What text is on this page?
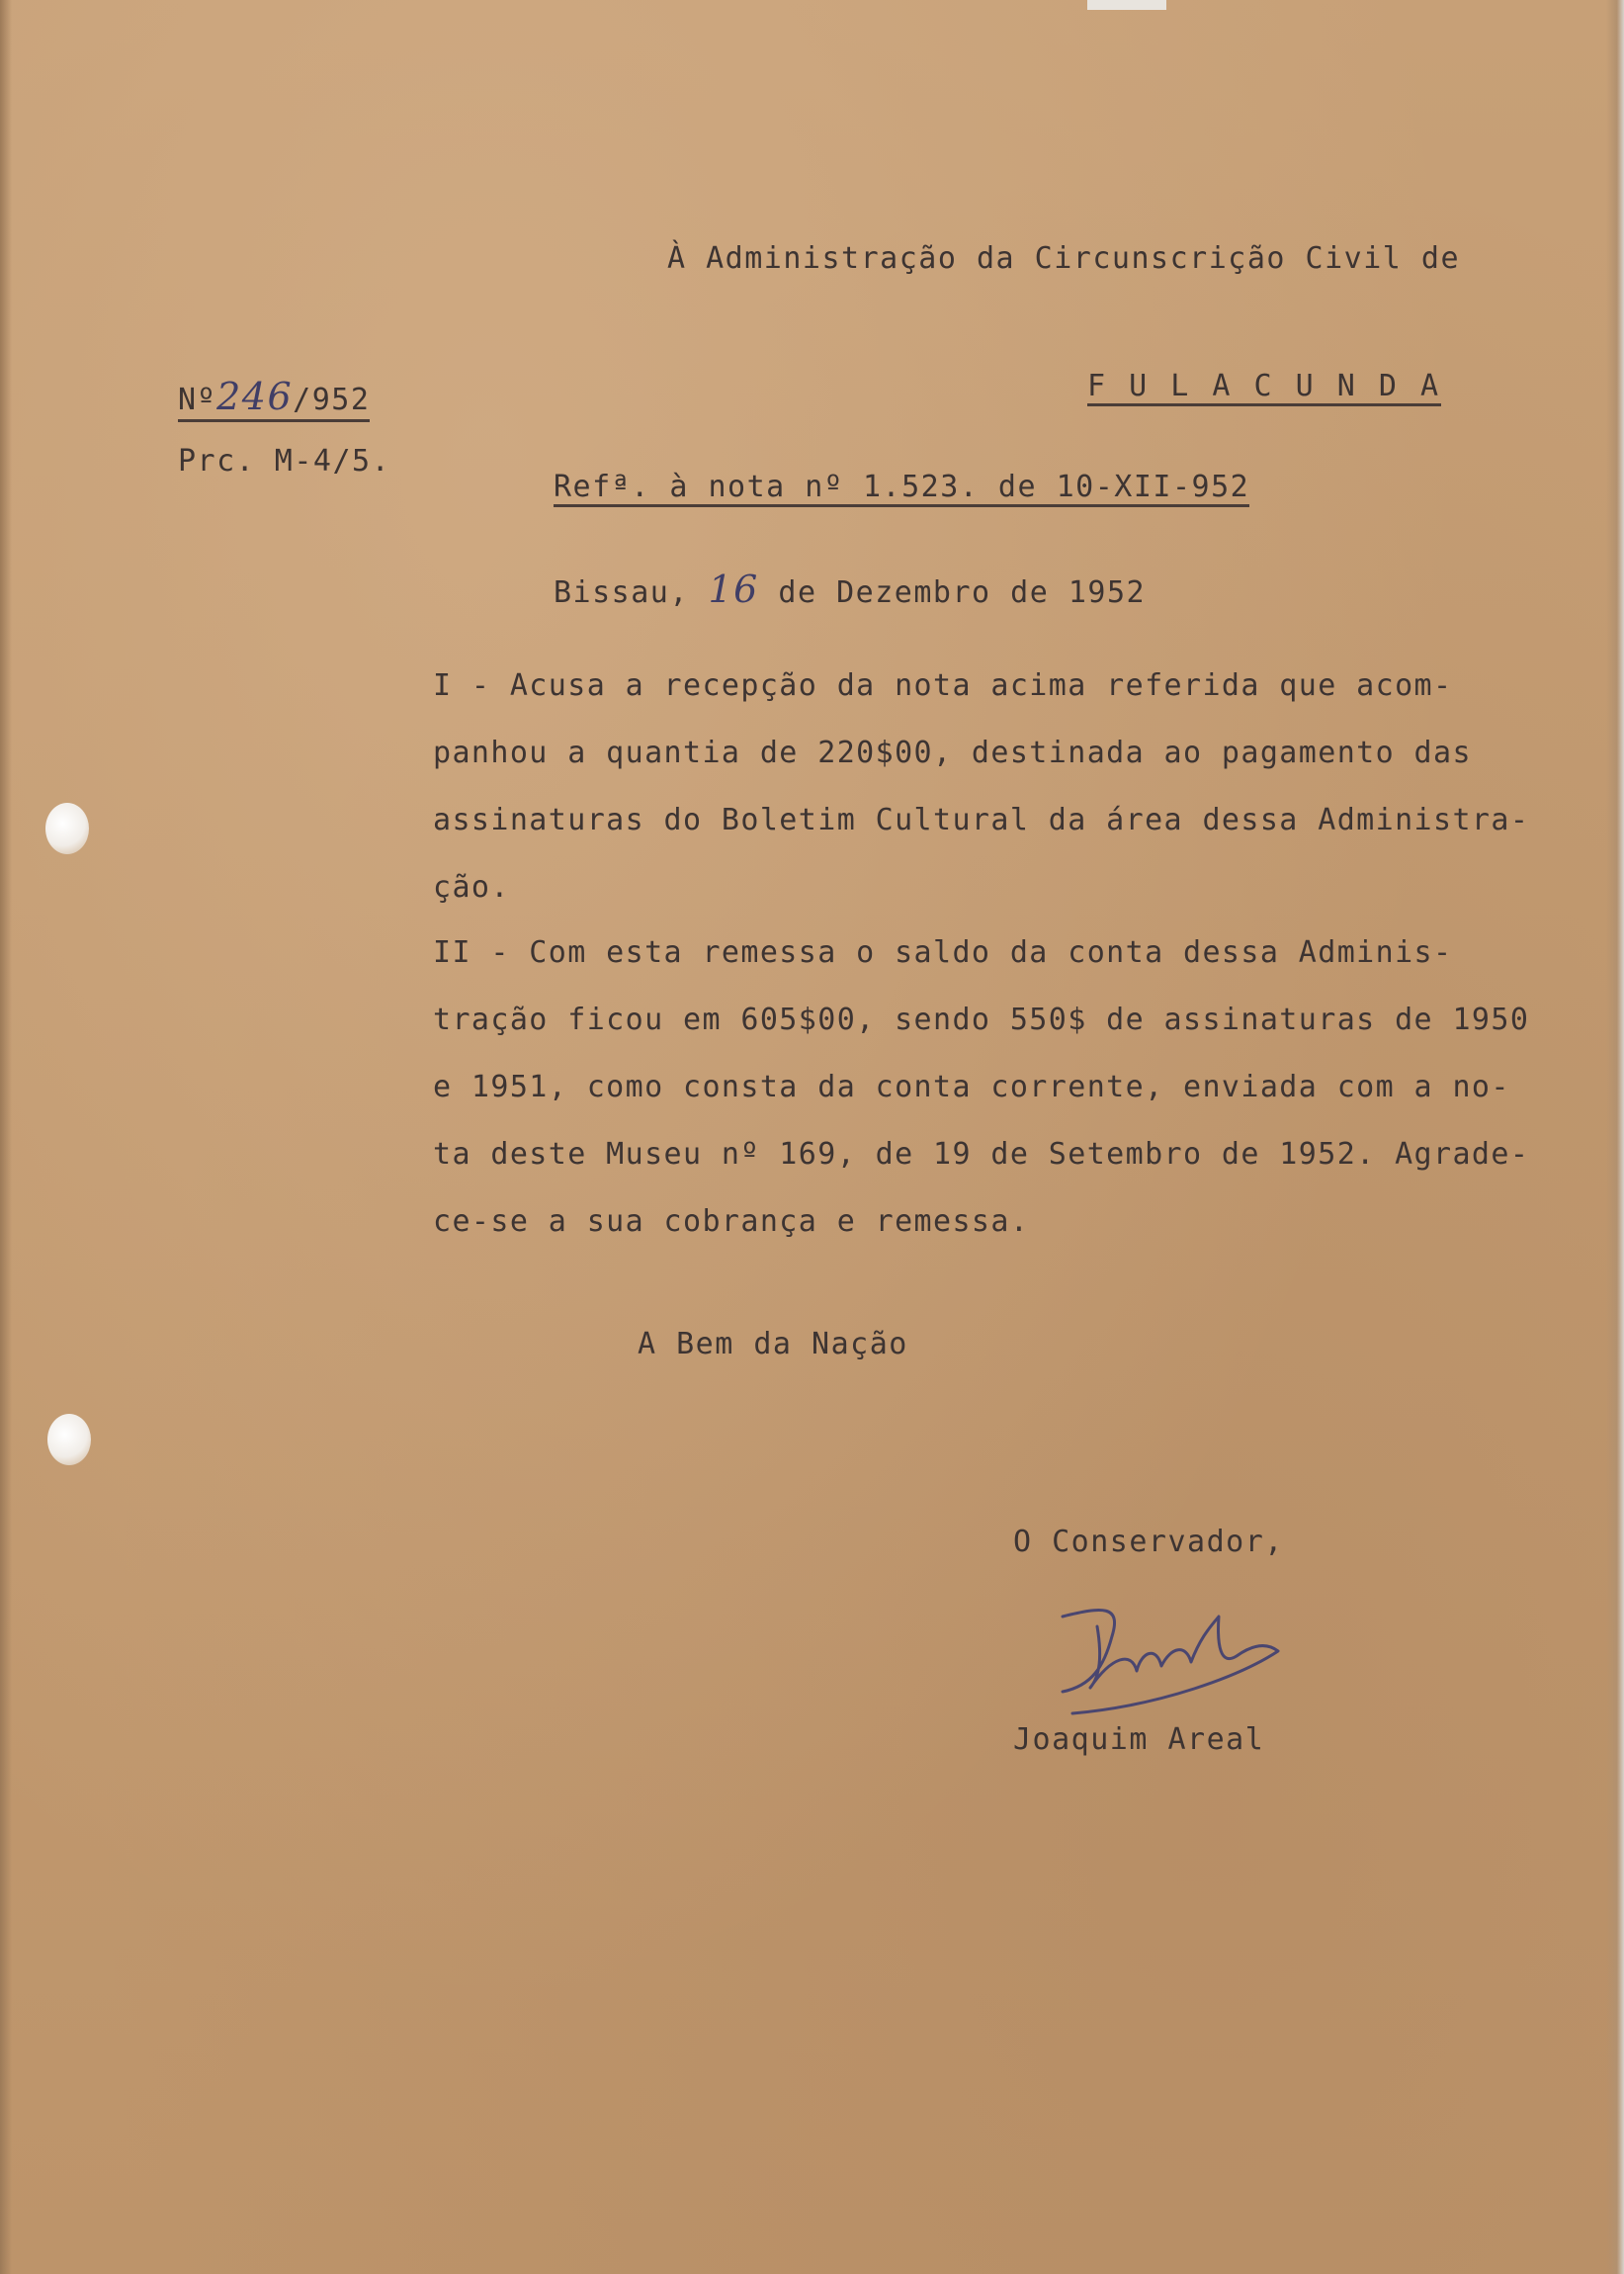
À Administração da Circunscrição Civil de
Nº246/952	F U L A C U N D A
Prc. M-4/5.
Refª. à nota nº 1.523. de 10-XII-952
Bissau, 16 de Dezembro de 1952
I - Acusa a recepção da nota acima referida que acom-
panhou a quantia de 220$00, destinada ao pagamento das
assinaturas do Boletim Cultural da área dessa Administra-
ção.
II - Com esta remessa o saldo da conta dessa Adminis-
tração ficou em 605$00, sendo 550$ de assinaturas de 1950
e 1951, como consta da conta corrente, enviada com a no-
ta deste Museu nº 169, de 19 de Setembro de 1952. Agrade-
ce-se a sua cobrança e remessa.
A Bem da Nação
O Conservador,
Joaquim Areal
